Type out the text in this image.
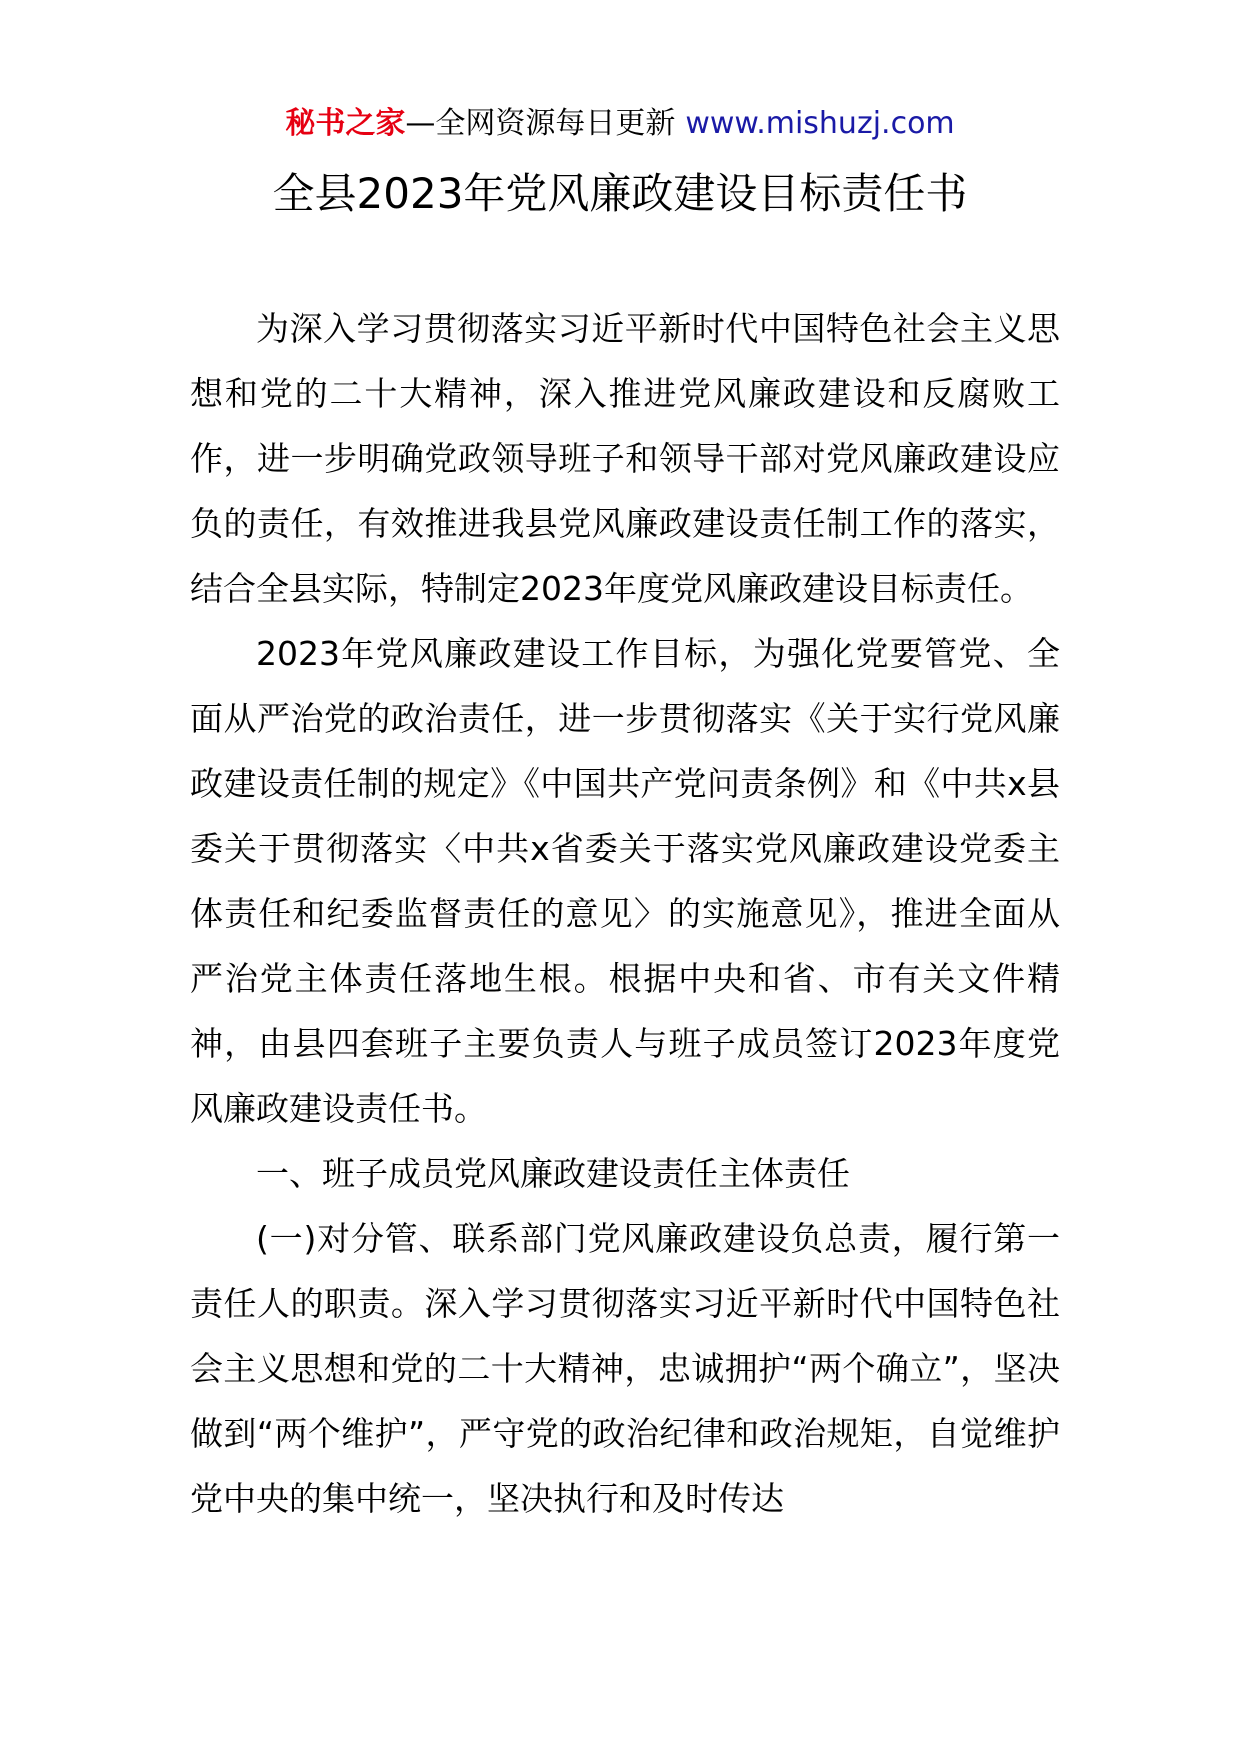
秘书之家—全网资源每日更新 www.mishuzj.com
全县2023年党风廉政建设目标责任书

为深入学习贯彻落实习近平新时代中国特色社会主义思想和党的二十大精神，深入推进党风廉政建设和反腐败工作，进一步明确党政领导班子和领导干部对党风廉政建设应负的责任，有效推进我县党风廉政建设责任制工作的落实，结合全县实际，特制定2023年度党风廉政建设目标责任。

2023年党风廉政建设工作目标，为强化党要管党、全面从严治党的政治责任，进一步贯彻落实《关于实行党风廉政建设责任制的规定》《中国共产党问责条例》和《中共x县委关于贯彻落实〈中共x省委关于落实党风廉政建设党委主体责任和纪委监督责任的意见〉的实施意见》，推进全面从严治党主体责任落地生根。根据中央和省、市有关文件精神，由县四套班子主要负责人与班子成员签订2023年度党风廉政建设责任书。

一、班子成员党风廉政建设责任主体责任

(一)对分管、联系部门党风廉政建设负总责，履行第一责任人的职责。深入学习贯彻落实习近平新时代中国特色社会主义思想和党的二十大精神，忠诚拥护“两个确立”，坚决做到“两个维护”，严守党的政治纪律和政治规矩，自觉维护党中央的集中统一，坚决执行和及时传达
